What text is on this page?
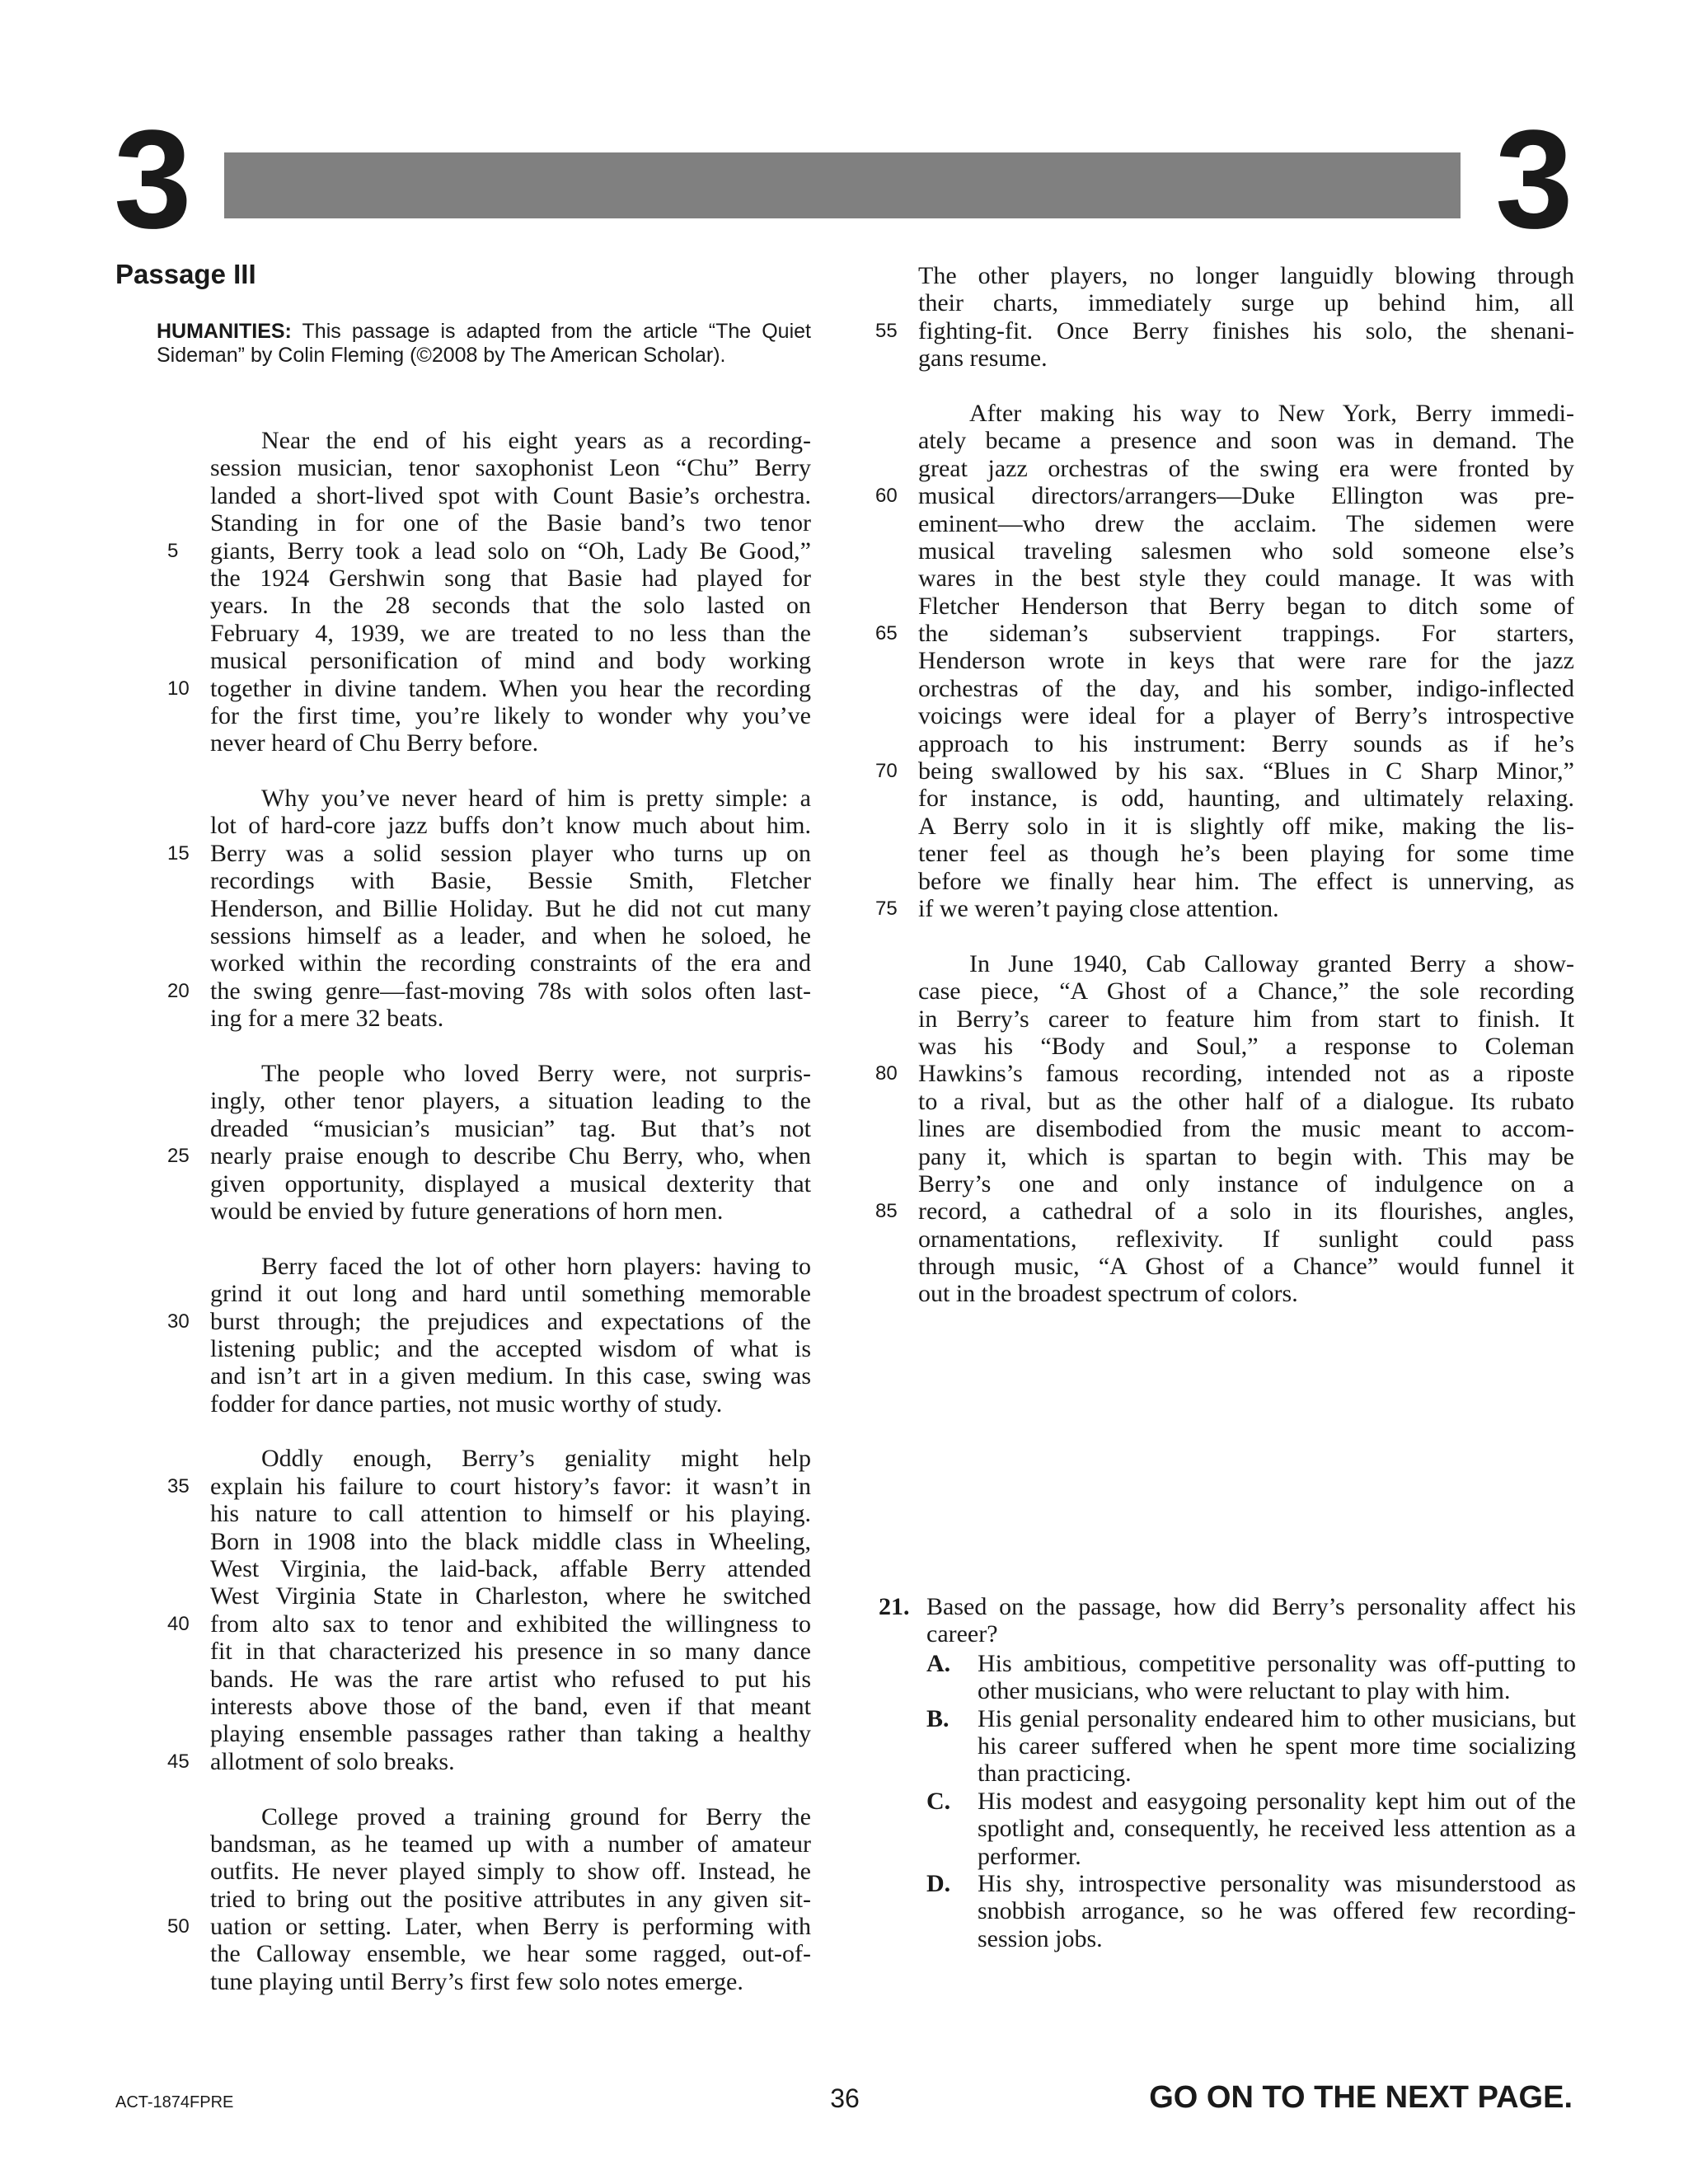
3	3
Passage III
HUMANITIES: This passage is adapted from the article “The Quiet Sideman” by Colin Fleming (©2008 by The American Scholar).
Near the end of his eight years as a recording-
session musician, tenor saxophonist Leon “Chu” Berry
landed a short-lived spot with Count Basie’s orchestra.
Standing in for one of the Basie band’s two tenor
giants, Berry took a lead solo on “Oh, Lady Be Good,”
5
the 1924 Gershwin song that Basie had played for
years. In the 28 seconds that the solo lasted on
February 4, 1939, we are treated to no less than the
musical personification of mind and body working
together in divine tandem. When you hear the recording
10
for the first time, you’re likely to wonder why you’ve
never heard of Chu Berry before.
Why you’ve never heard of him is pretty simple: a
lot of hard-core jazz buffs don’t know much about him.
Berry was a solid session player who turns up on
15
recordings with Basie, Bessie Smith, Fletcher
Henderson, and Billie Holiday. But he did not cut many
sessions himself as a leader, and when he soloed, he
worked within the recording constraints of the era and
the swing genre—fast-moving 78s with solos often last-
20
ing for a mere 32 beats.
The people who loved Berry were, not surpris-
ingly, other tenor players, a situation leading to the
dreaded “musician’s musician” tag. But that’s not
nearly praise enough to describe Chu Berry, who, when
25
given opportunity, displayed a musical dexterity that
would be envied by future generations of horn men.
Berry faced the lot of other horn players: having to
grind it out long and hard until something memorable
burst through; the prejudices and expectations of the
30
listening public; and the accepted wisdom of what is
and isn’t art in a given medium. In this case, swing was
fodder for dance parties, not music worthy of study.
Oddly enough, Berry’s geniality might help
explain his failure to court history’s favor: it wasn’t in
35
his nature to call attention to himself or his playing.
Born in 1908 into the black middle class in Wheeling,
West Virginia, the laid-back, affable Berry attended
West Virginia State in Charleston, where he switched
from alto sax to tenor and exhibited the willingness to
40
fit in that characterized his presence in so many dance
bands. He was the rare artist who refused to put his
interests above those of the band, even if that meant
playing ensemble passages rather than taking a healthy
allotment of solo breaks.
45
College proved a training ground for Berry the
bandsman, as he teamed up with a number of amateur
outfits. He never played simply to show off. Instead, he
tried to bring out the positive attributes in any given sit-
uation or setting. Later, when Berry is performing with
50
the Calloway ensemble, we hear some ragged, out-of-
tune playing until Berry’s first few solo notes emerge.
The other players, no longer languidly blowing through
their charts, immediately surge up behind him, all
fighting-fit. Once Berry finishes his solo, the shenani-
55
gans resume.
After making his way to New York, Berry immedi-
ately became a presence and soon was in demand. The
great jazz orchestras of the swing era were fronted by
musical directors/arrangers—Duke Ellington was pre-
60
eminent—who drew the acclaim. The sidemen were
musical traveling salesmen who sold someone else’s
wares in the best style they could manage. It was with
Fletcher Henderson that Berry began to ditch some of
the sideman’s subservient trappings. For starters,
65
Henderson wrote in keys that were rare for the jazz
orchestras of the day, and his somber, indigo-inflected
voicings were ideal for a player of Berry’s introspective
approach to his instrument: Berry sounds as if he’s
being swallowed by his sax. “Blues in C Sharp Minor,”
70
for instance, is odd, haunting, and ultimately relaxing.
A Berry solo in it is slightly off mike, making the lis-
tener feel as though he’s been playing for some time
before we finally hear him. The effect is unnerving, as
if we weren’t paying close attention.
75
In June 1940, Cab Calloway granted Berry a show-
case piece, “A Ghost of a Chance,” the sole recording
in Berry’s career to feature him from start to finish. It
was his “Body and Soul,” a response to Coleman
Hawkins’s famous recording, intended not as a riposte
80
to a rival, but as the other half of a dialogue. Its rubato
lines are disembodied from the music meant to accom-
pany it, which is spartan to begin with. This may be
Berry’s one and only instance of indulgence on a
record, a cathedral of a solo in its flourishes, angles,
85
ornamentations, reflexivity. If sunlight could pass
through music, “A Ghost of a Chance” would funnel it
out in the broadest spectrum of colors.
21. Based on the passage, how did Berry’s personality affect his career?
A. His ambitious, competitive personality was off-putting to other musicians, who were reluctant to play with him.
B. His genial personality endeared him to other musicians, but his career suffered when he spent more time socializing than practicing.
C. His modest and easygoing personality kept him out of the spotlight and, consequently, he received less attention as a performer.
D. His shy, introspective personality was misunderstood as snobbish arrogance, so he was offered few recording-session jobs.
ACT-1874FPRE	36	GO ON TO THE NEXT PAGE.
